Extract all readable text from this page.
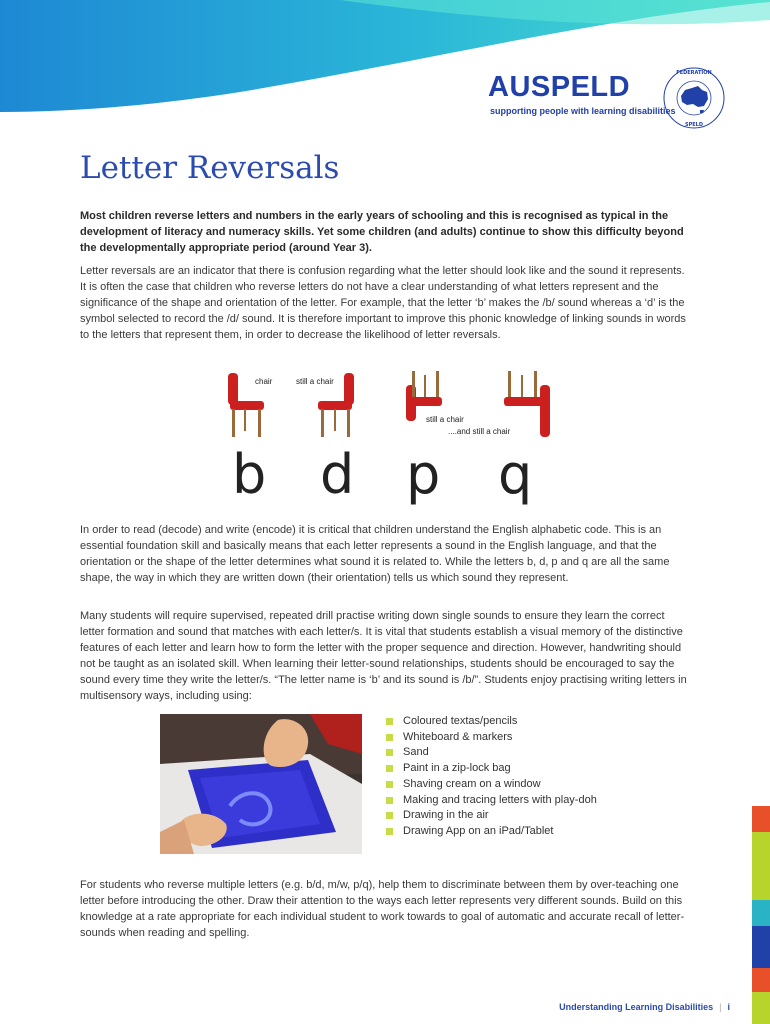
AUSPELD
supporting people with learning disabilities
FEDERATION
SPELD
Letter Reversals

Most children reverse letters and numbers in the early years of schooling and this is recognised as typical in the development of literacy and numeracy skills. Yet some children (and adults) continue to show this difficulty beyond the developmentally appropriate period (around Year 3).

Letter reversals are an indicator that there is confusion regarding what the letter should look like and the sound it represents. It is often the case that children who reverse letters do not have a clear understanding of what letters represent and the significance of the shape and orientation of the letter. For example, that the letter ‘b’ makes the /b/ sound whereas a ‘d’ is the symbol selected to record the /d/ sound. It is therefore important to improve this phonic knowledge of linking sounds in words to the letters that represent them, in order to decrease the likelihood of letter reversals.

chair	still a chair
still a chair
....and still a chair
b d p q

In order to read (decode) and write (encode) it is critical that children understand the English alphabetic code. This is an essential foundation skill and basically means that each letter represents a sound in the English language, and that the orientation or the shape of the letter determines what sound it is related to. While the letters b, d, p and q are all the same shape, the way in which they are written down (their orientation) tells us which sound they represent.

Many students will require supervised, repeated drill practise writing down single sounds to ensure they learn the correct letter formation and sound that matches with each letter/s. It is vital that students establish a visual memory of the distinctive features of each letter and learn how to form the letter with the proper sequence and direction. However, handwriting should not be taught as an isolated skill. When learning their letter-sound relationships, students should be encouraged to say the sound every time they write the letter/s. “The letter name is ‘b’ and its sound is /b/”. Students enjoy practising writing letters in multisensory ways, including using:

Coloured textas/pencils
Whiteboard & markers
Sand
Paint in a zip-lock bag
Shaving cream on a window
Making and tracing letters with play-doh
Drawing in the air
Drawing App on an iPad/Tablet

For students who reverse multiple letters (e.g. b/d, m/w, p/q), help them to discriminate between them by over-teaching one letter before introducing the other. Draw their attention to the ways each letter represents very different sounds. Build on this knowledge at a rate appropriate for each individual student to work towards to goal of automatic and accurate recall of letter-sounds when reading and spelling.

Understanding Learning Disabilities | i
